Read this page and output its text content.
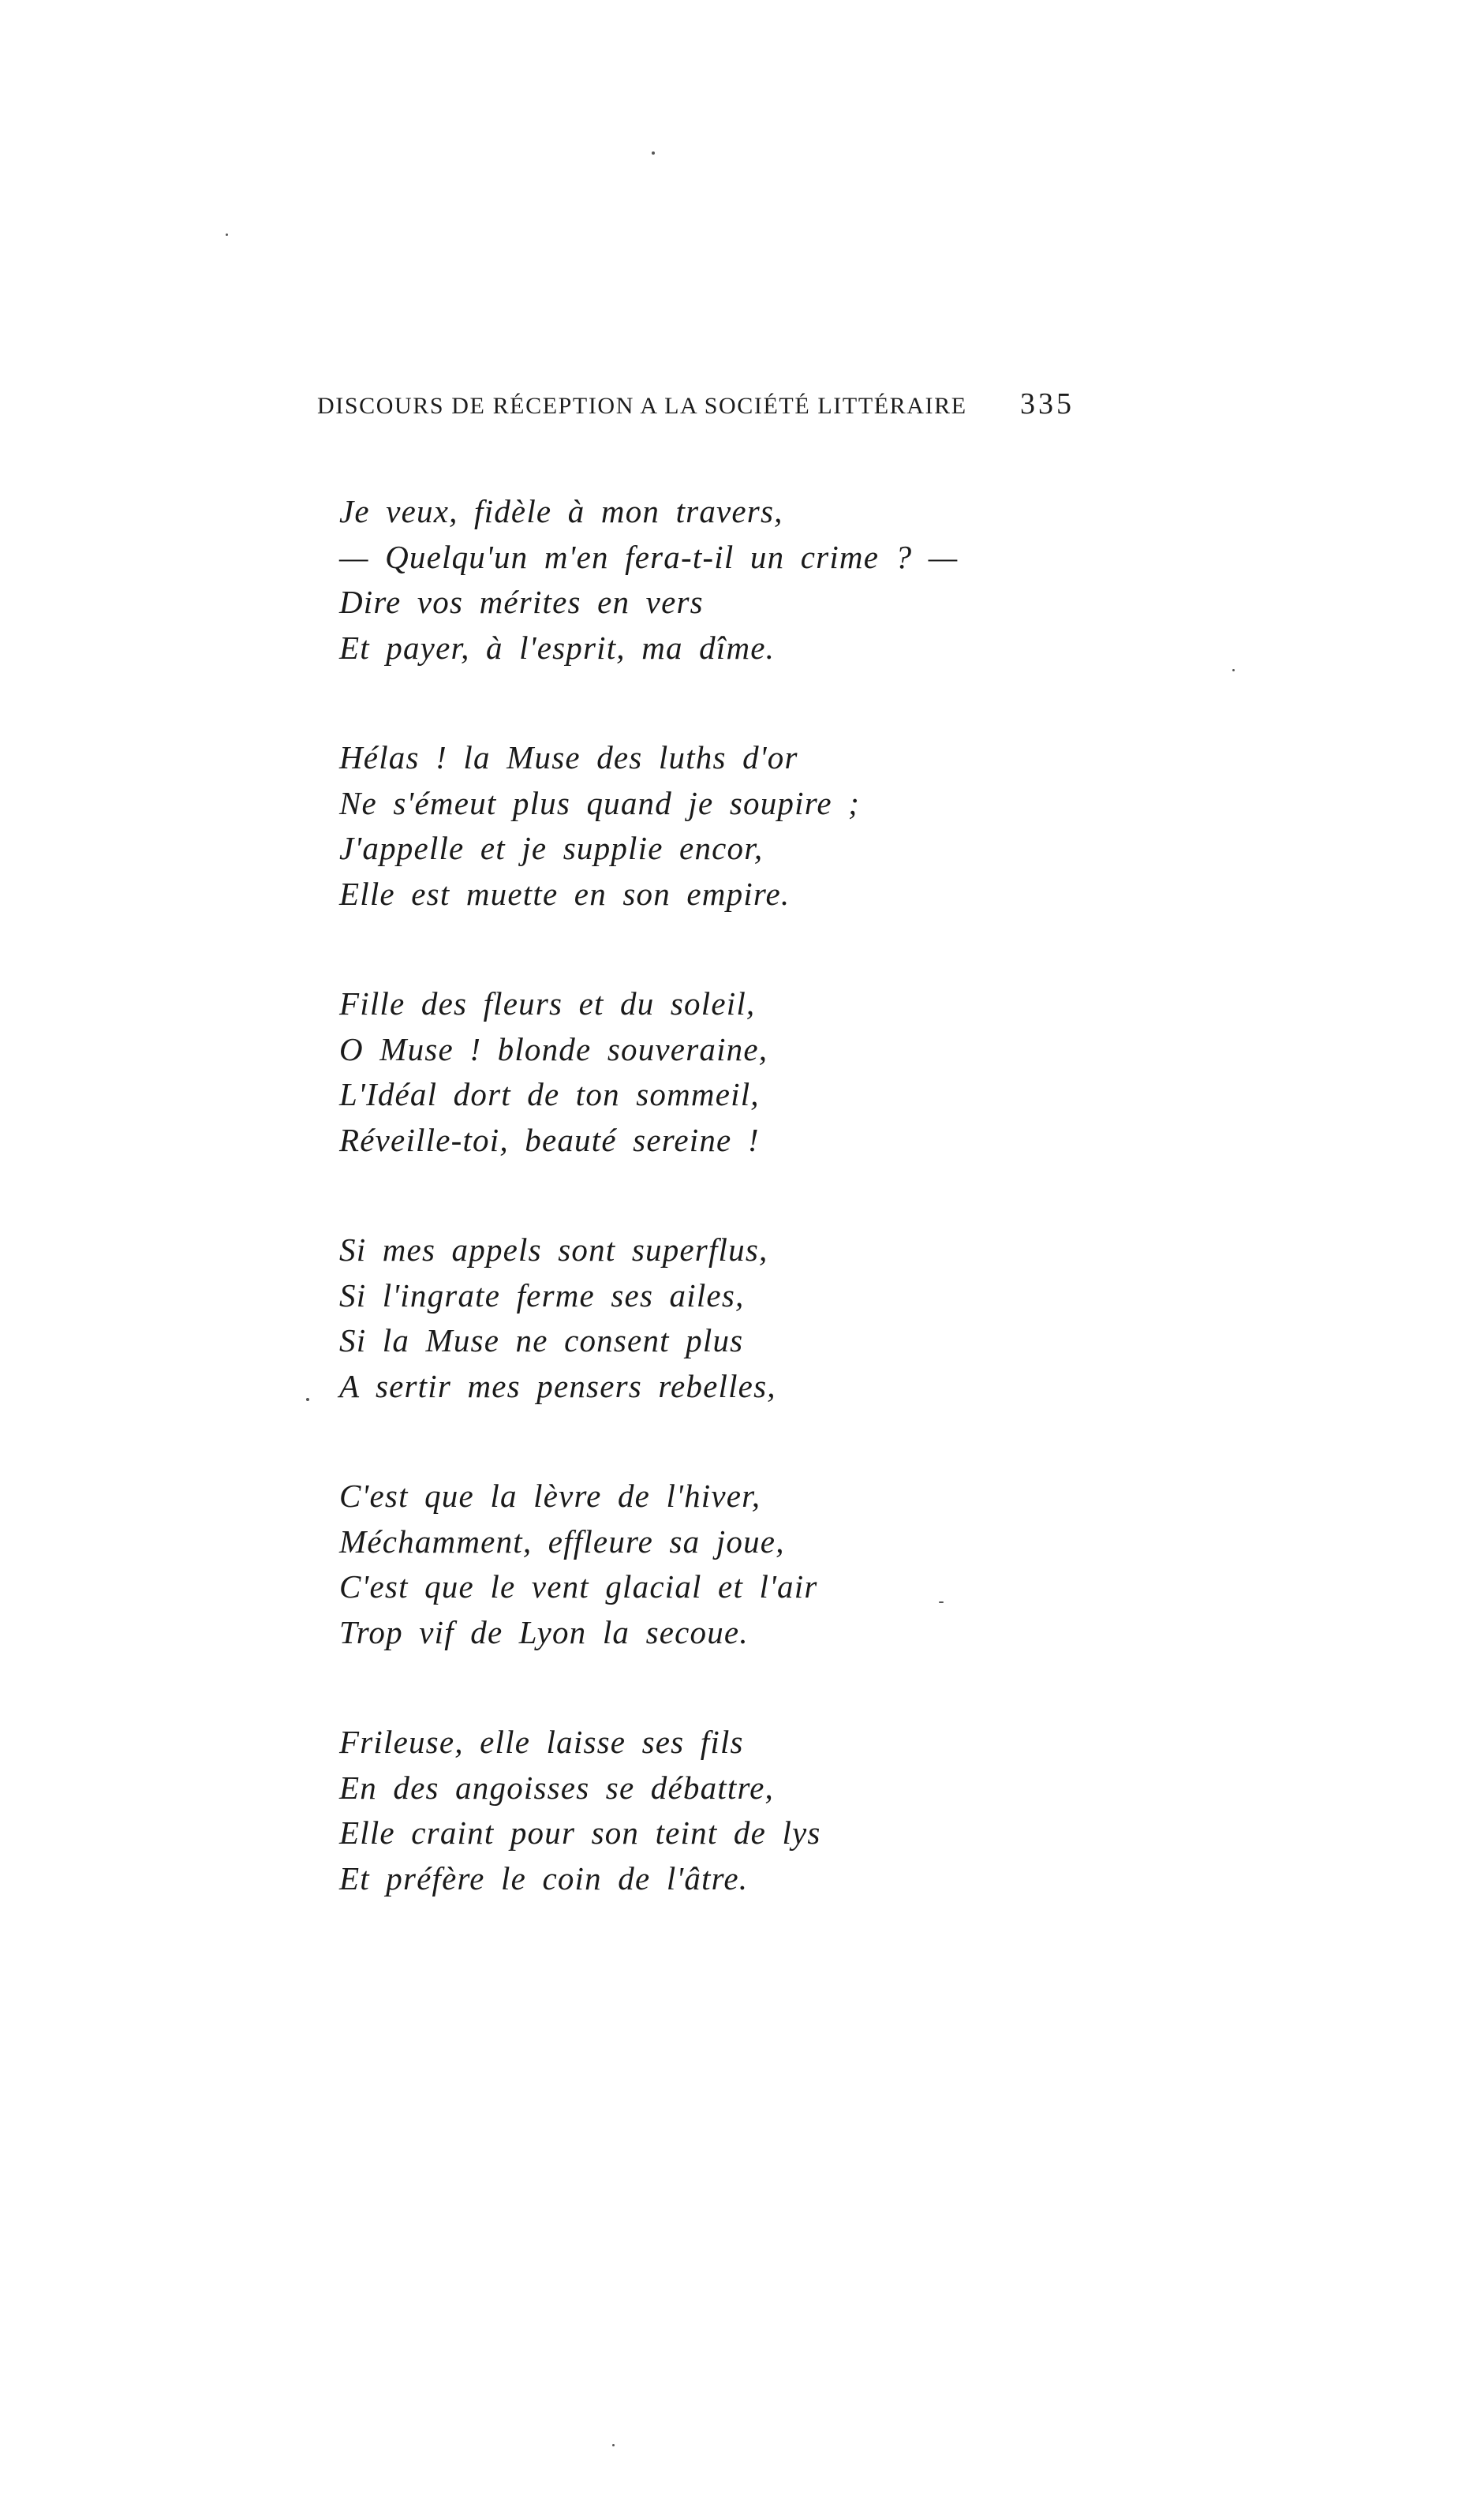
DISCOURS DE RÉCEPTION A LA SOCIÉTÉ LITTÉRAIRE 335
Je veux, fidèle à mon travers,
— Quelqu'un m'en fera-t-il un crime ? —
Dire vos mérites en vers
Et payer, à l'esprit, ma dîme.
Hélas ! la Muse des luths d'or
Ne s'émeut plus quand je soupire ;
J'appelle et je supplie encor,
Elle est muette en son empire.
Fille des fleurs et du soleil,
O Muse ! blonde souveraine,
L'Idéal dort de ton sommeil,
Réveille-toi, beauté sereine !
Si mes appels sont superflus,
Si l'ingrate ferme ses ailes,
Si la Muse ne consent plus
A sertir mes pensers rebelles,
C'est que la lèvre de l'hiver,
Méchamment, effleure sa joue,
C'est que le vent glacial et l'air
Trop vif de Lyon la secoue.
Frileuse, elle laisse ses fils
En des angoisses se débattre,
Elle craint pour son teint de lys
Et préfère le coin de l'âtre.
